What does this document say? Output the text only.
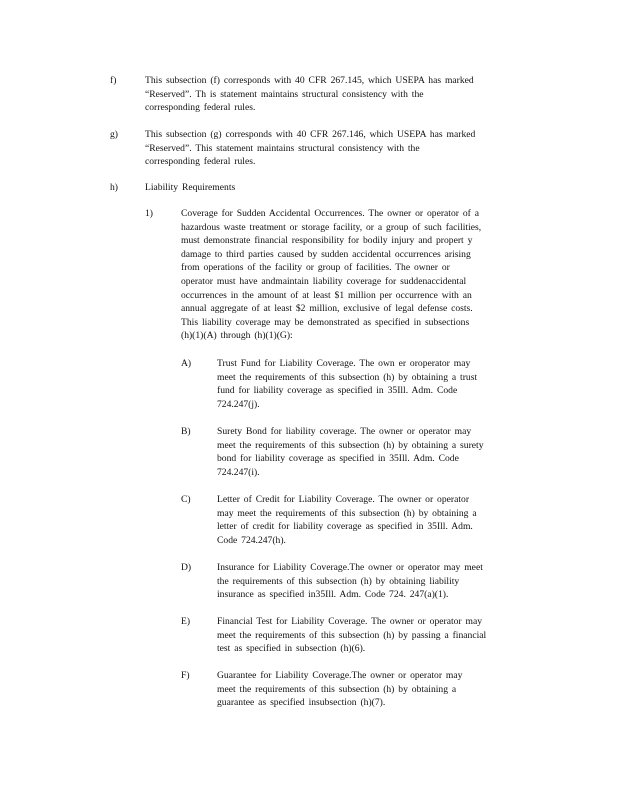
f)	This subsection (f) corresponds with 40 CFR 267.145, which USEPA has marked
“Reserved”. Th is statement maintains structural consistency with the
corresponding federal rules.
g)	This subsection (g) corresponds with 40 CFR 267.146, which USEPA has marked
“Reserved”. This statement maintains structural consistency with the
corresponding federal rules.
h)	Liability Requirements
1)	Coverage for Sudden Accidental Occurrences. The owner or operator of a
hazardous waste treatment or storage facility, or a group of such facilities,
must demonstrate financial responsibility for bodily injury and propert y
damage to third parties caused by sudden accidental occurrences arising
from operations of the facility or group of facilities. The owner or
operator must have andmaintain liability coverage for suddenaccidental
occurrences in the amount of at least $1 million per occurrence with an
annual aggregate of at least $2 million, exclusive of legal defense costs.
This liability coverage may be demonstrated as specified in subsections
(h)(1)(A) through (h)(1)(G):
A)	Trust Fund for Liability Coverage. The own er oroperator may
meet the requirements of this subsection (h) by obtaining a trust
fund for liability coverage as specified in 35Ill. Adm. Code
724.247(j).
B)	Surety Bond for liability coverage. The owner or operator may
meet the requirements of this subsection (h) by obtaining a surety
bond for liability coverage as specified in 35Ill. Adm. Code
724.247(i).
C)	Letter of Credit for Liability Coverage. The owner or operator
may meet the requirements of this subsection (h) by obtaining a
letter of credit for liability coverage as specified in 35Ill. Adm.
Code 724.247(h).
D)	Insurance for Liability Coverage.The owner or operator may meet
the requirements of this subsection (h) by obtaining liability
insurance as specified in35Ill. Adm. Code 724. 247(a)(1).
E)	Financial Test for Liability Coverage. The owner or operator may
meet the requirements of this subsection (h) by passing a financial
test as specified in subsection (h)(6).
F)	Guarantee for Liability Coverage.The owner or operator may
meet the requirements of this subsection (h) by obtaining a
guarantee as specified insubsection (h)(7).
